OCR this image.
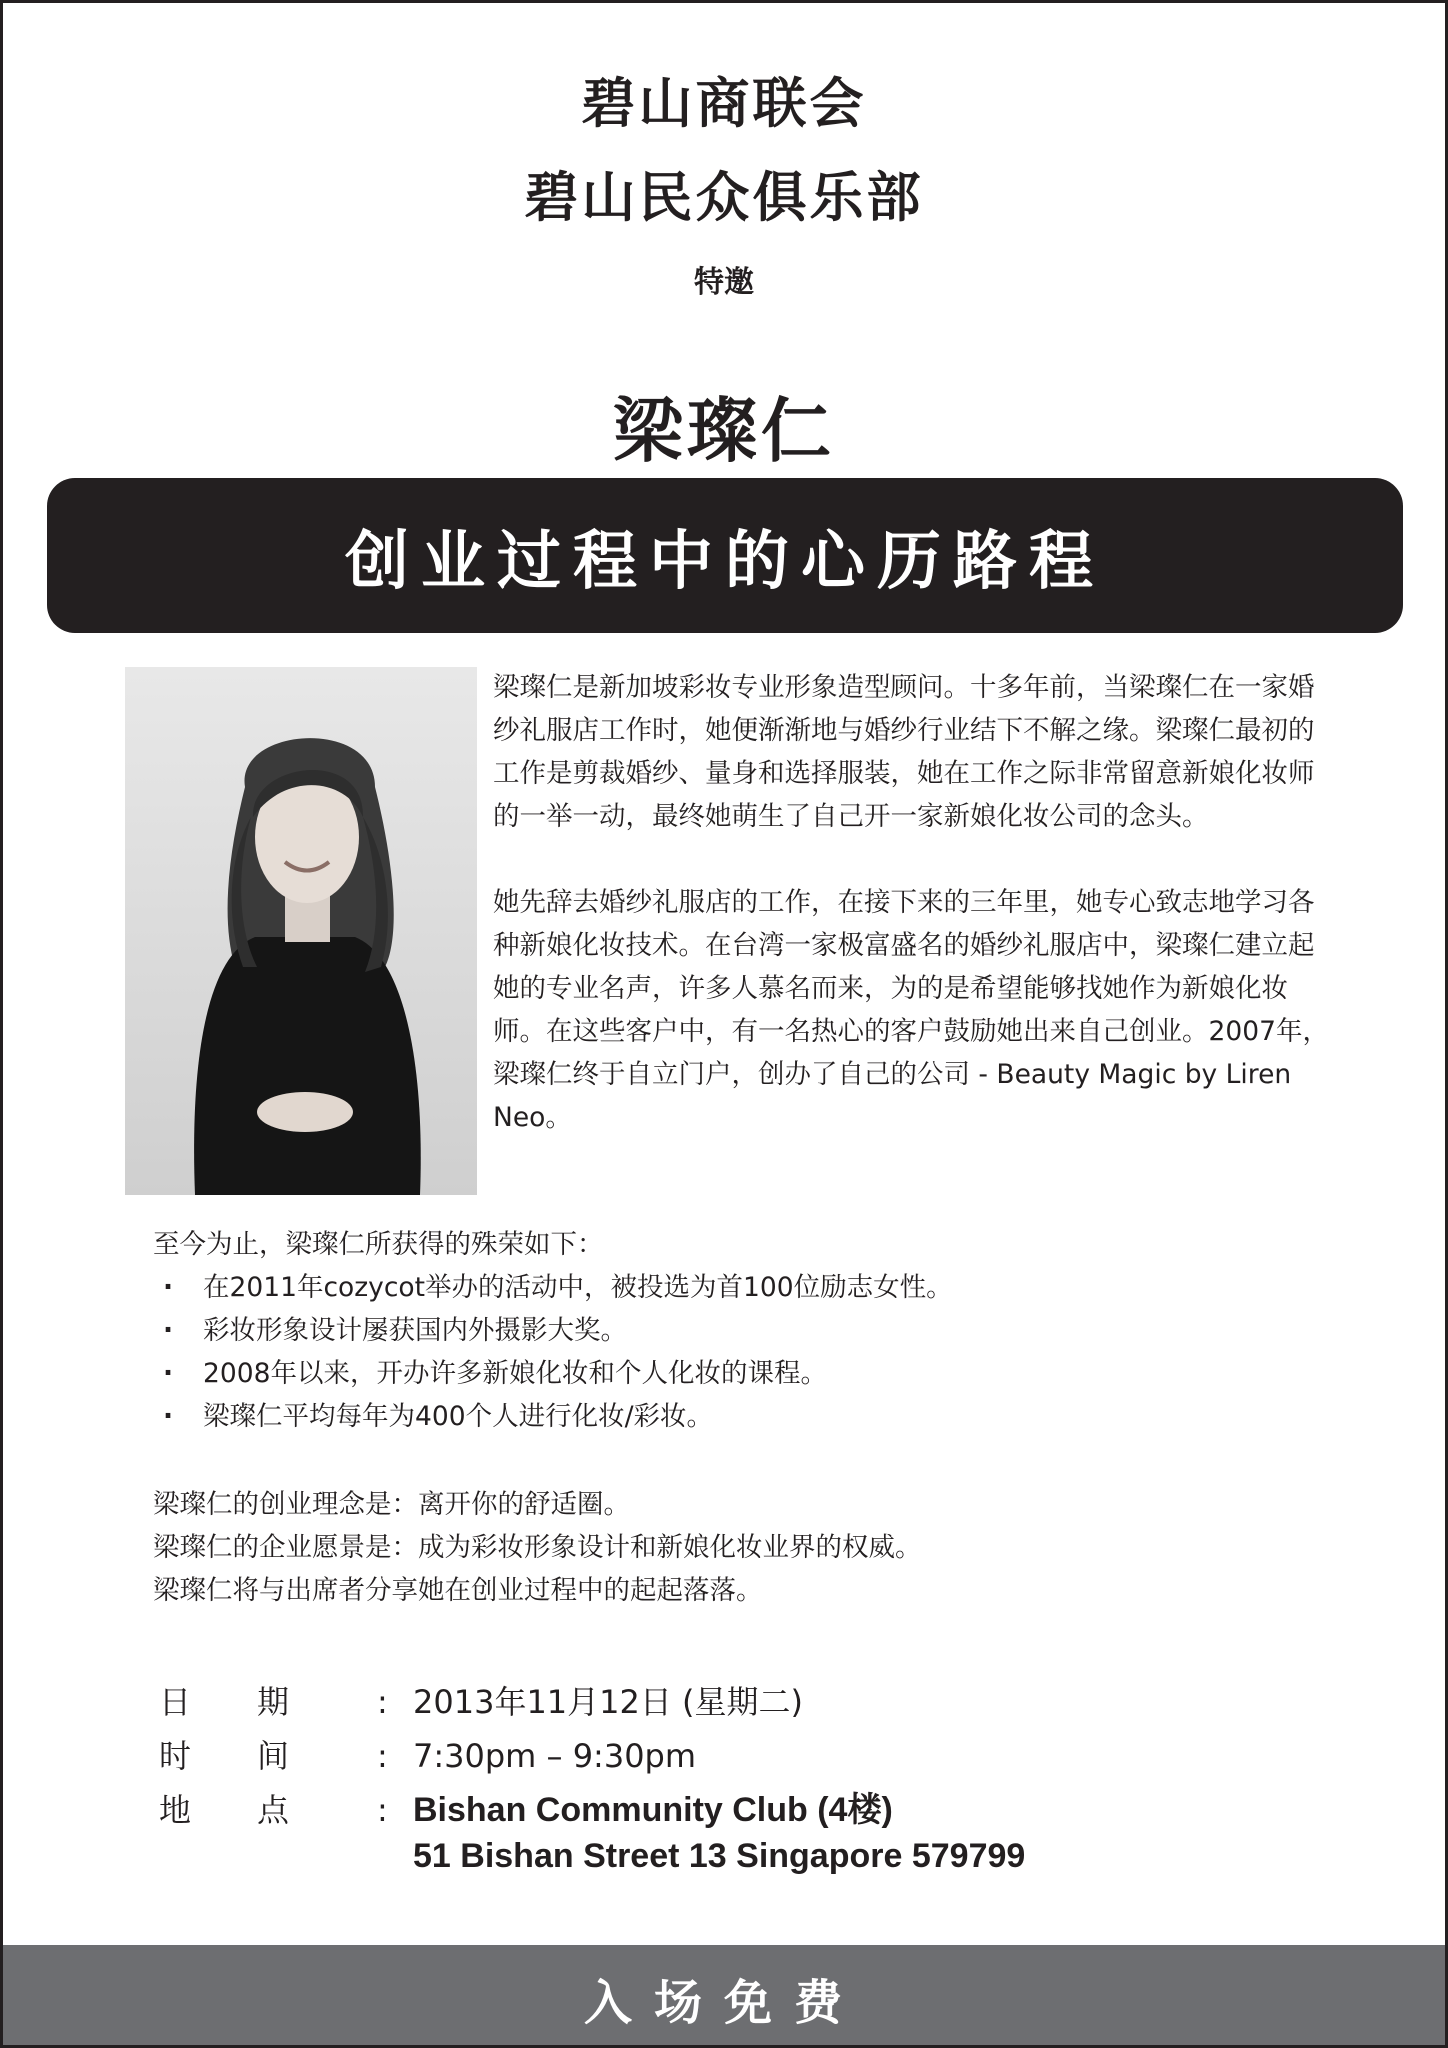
碧山商联会
碧山民众俱乐部
特邀
梁璨仁
创业过程中的心历路程

梁璨仁是新加坡彩妆专业形象造型顾问。十多年前，当梁璨仁在一家婚纱礼服店工作时，她便渐渐地与婚纱行业结下不解之缘。梁璨仁最初的工作是剪裁婚纱、量身和选择服装，她在工作之际非常留意新娘化妆师的一举一动，最终她萌生了自己开一家新娘化妆公司的念头。

她先辞去婚纱礼服店的工作，在接下来的三年里，她专心致志地学习各种新娘化妆技术。在台湾一家极富盛名的婚纱礼服店中，梁璨仁建立起她的专业名声，许多人慕名而来，为的是希望能够找她作为新娘化妆师。在这些客户中，有一名热心的客户鼓励她出来自己创业。2007年，梁璨仁终于自立门户，创办了自己的公司 - Beauty Magic by Liren Neo。

至今为止，梁璨仁所获得的殊荣如下：

· 在2011年cozycot举办的活动中，被投选为首100位励志女性。
· 彩妆形象设计屡获国内外摄影大奖。
· 2008年以来，开办许多新娘化妆和个人化妆的课程。
· 梁璨仁平均每年为400个人进行化妆/彩妆。
梁璨仁的创业理念是：离开你的舒适圈。
梁璨仁的企业愿景是：成为彩妆形象设计和新娘化妆业界的权威。
梁璨仁将与出席者分享她在创业过程中的起起落落。
日　期	: 2013年11月12日 (星期二)
时　间	: 7:30pm – 9:30pm
地　点	: Bishan Community Club (4楼)
51 Bishan Street 13 Singapore 579799
入场免费
